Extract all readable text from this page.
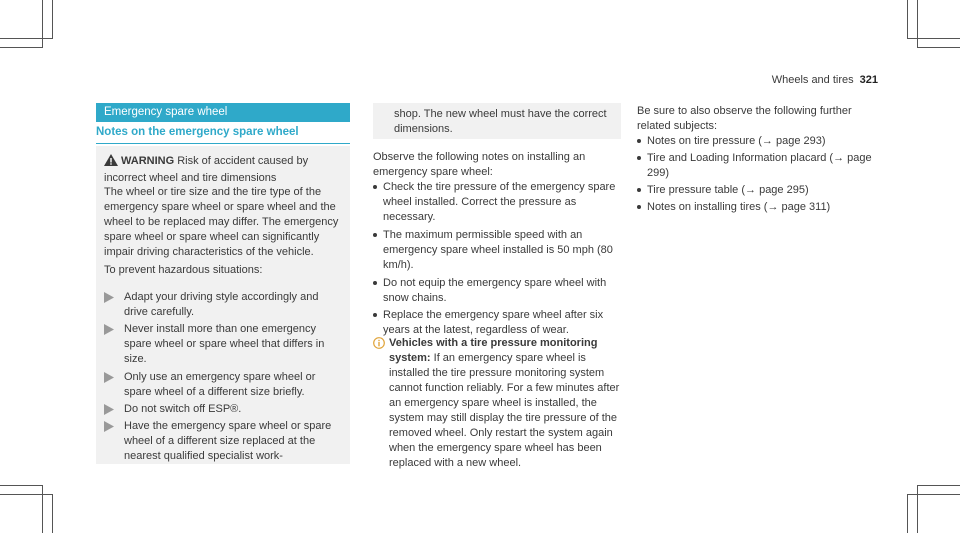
Wheels and tires 321
Emergency spare wheel
Notes on the emergency spare wheel
WARNING Risk of accident caused by incorrect wheel and tire dimensions
The wheel or tire size and the tire type of the emergency spare wheel or spare wheel and the wheel to be replaced may differ. The emergency spare wheel or spare wheel can significantly impair driving characteristics of the vehicle.
To prevent hazardous situations:
Adapt your driving style accordingly and drive carefully.
Never install more than one emergency spare wheel or spare wheel that differs in size.
Only use an emergency spare wheel or spare wheel of a different size briefly.
Do not switch off ESP®.
Have the emergency spare wheel or spare wheel of a different size replaced at the nearest qualified specialist work-
shop. The new wheel must have the correct dimensions.
Observe the following notes on installing an emergency spare wheel:
Check the tire pressure of the emergency spare wheel installed. Correct the pressure as necessary.
The maximum permissible speed with an emergency spare wheel installed is 50 mph (80 km/h).
Do not equip the emergency spare wheel with snow chains.
Replace the emergency spare wheel after six years at the latest, regardless of wear.
Vehicles with a tire pressure monitoring system: If an emergency spare wheel is installed the tire pressure monitoring system cannot function reliably. For a few minutes after an emergency spare wheel is installed, the system may still display the tire pressure of the removed wheel. Only restart the system again when the emergency spare wheel has been replaced with a new wheel.
Be sure to also observe the following further related subjects:
Notes on tire pressure (→ page 293)
Tire and Loading Information placard (→ page 299)
Tire pressure table (→ page 295)
Notes on installing tires (→ page 311)
